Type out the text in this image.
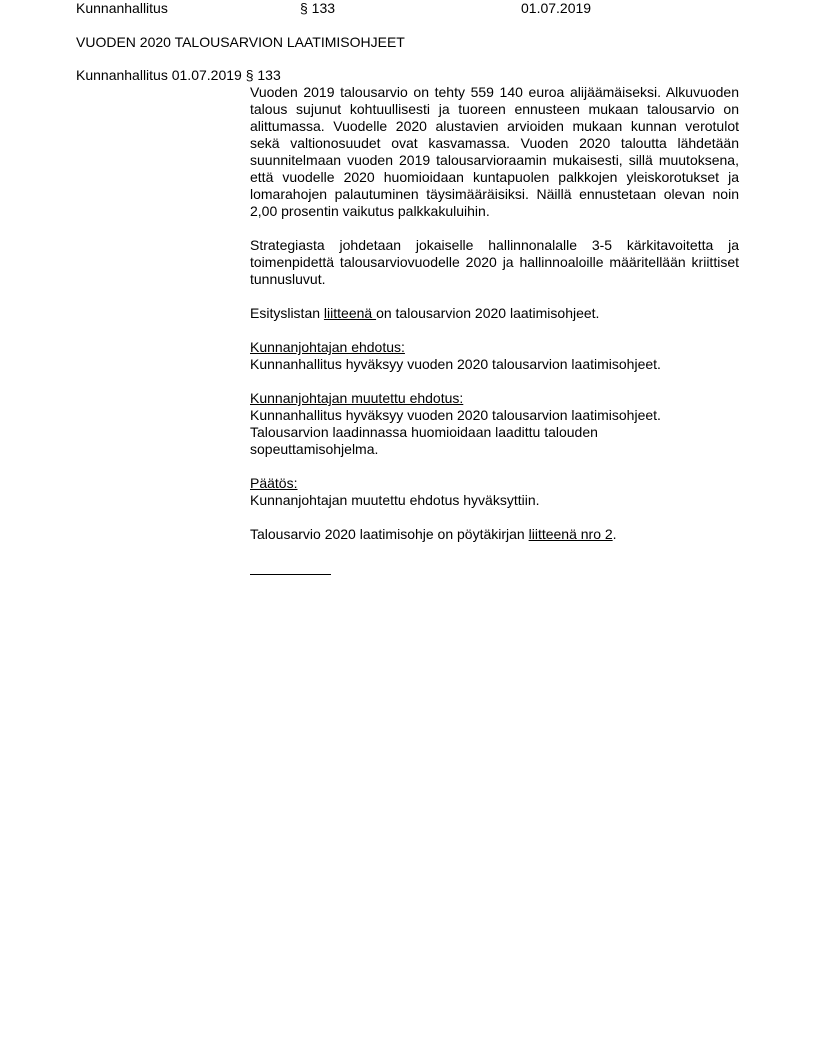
Kunnanhallitus	§ 133	01.07.2019
VUODEN 2020 TALOUSARVION LAATIMISOHJEET
Kunnanhallitus 01.07.2019 § 133

Vuoden 2019 talousarvio on tehty 559 140 euroa alijäämäiseksi. Alkuvuoden talous sujunut kohtuullisesti ja tuoreen ennusteen mukaan talousarvio on alittumassa. Vuodelle 2020 alustavien arvioiden mukaan kunnan verotulot sekä valtionosuudet ovat kasvamassa. Vuoden 2020 taloutta lähdetään suunnitelmaan vuoden 2019 talousarvioraamin mukaisesti, sillä muutoksena, että vuodelle 2020 huomioidaan kuntapuolen palkkojen yleiskorotukset ja lomarahojen palautuminen täysimääräisiksi. Näillä ennustetaan olevan noin 2,00 prosentin vaikutus palkkakuluihin.

Strategiasta johdetaan jokaiselle hallinnonalalle 3-5 kärkitavoitetta ja toimenpidettä talousarviovuodelle 2020 ja hallinnoaloille määritellään kriittiset tunnusluvut.

Esityslistan liitteenä on talousarvion 2020 laatimisohjeet.

Kunnanjohtajan ehdotus:

Kunnanhallitus hyväksyy vuoden 2020 talousarvion laatimisohjeet.

Kunnanjohtajan muutettu ehdotus:

Kunnanhallitus hyväksyy vuoden 2020 talousarvion laatimisohjeet.

Talousarvion laadinnassa huomioidaan laadittu talouden

sopeuttamisohjelma.

Päätös:

Kunnanjohtajan muutettu ehdotus hyväksyttiin.

Talousarvio 2020 laatimisohje on pöytäkirjan liitteenä nro 2.
